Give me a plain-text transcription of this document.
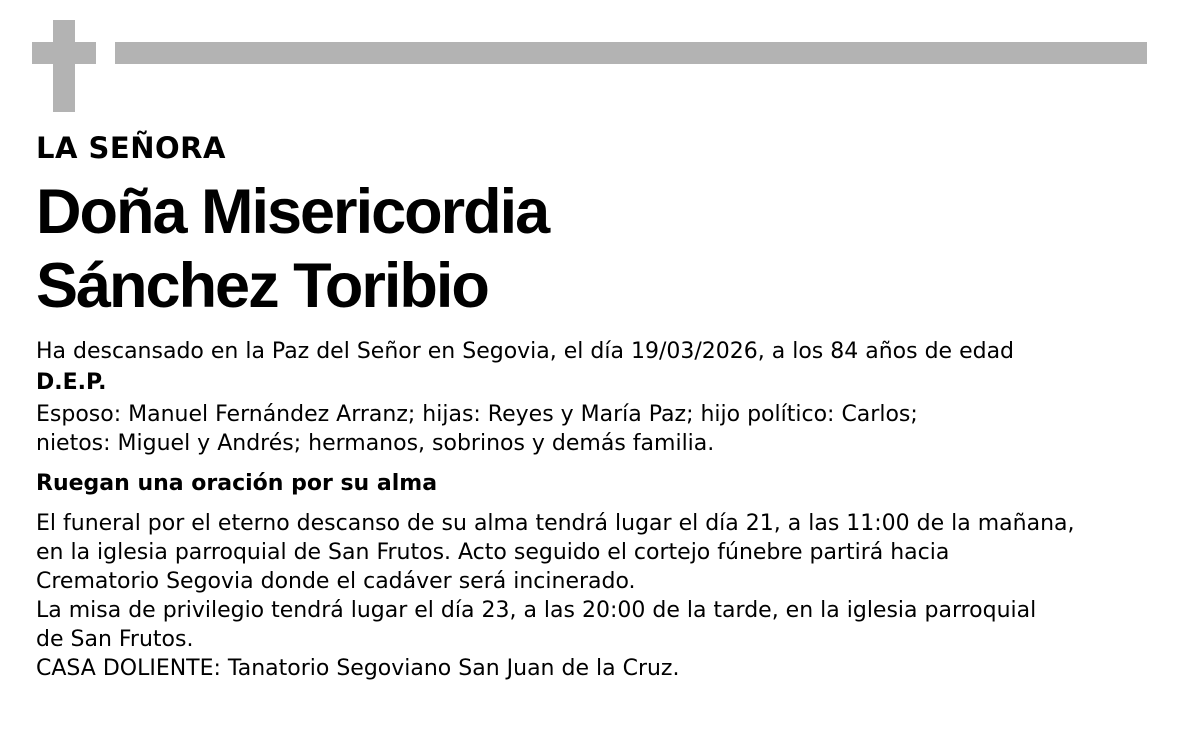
LA SEÑORA

Doña Misericordia
Sánchez Toribio

Ha descansado en la Paz del Señor en Segovia, el día 19/03/2026, a los 84 años de edad

D.E.P.

Esposo: Manuel Fernández Arranz; hijas: Reyes y María Paz; hijo político: Carlos;
nietos: Miguel y Andrés; hermanos, sobrinos y demás familia.

Ruegan una oración por su alma

El funeral por el eterno descanso de su alma tendrá lugar el día 21, a las 11:00 de la mañana,
en la iglesia parroquial de San Frutos. Acto seguido el cortejo fúnebre partirá hacia
Crematorio Segovia donde el cadáver será incinerado.
La misa de privilegio tendrá lugar el día 23, a las 20:00 de la tarde, en la iglesia parroquial
de San Frutos.
CASA DOLIENTE: Tanatorio Segoviano San Juan de la Cruz.
